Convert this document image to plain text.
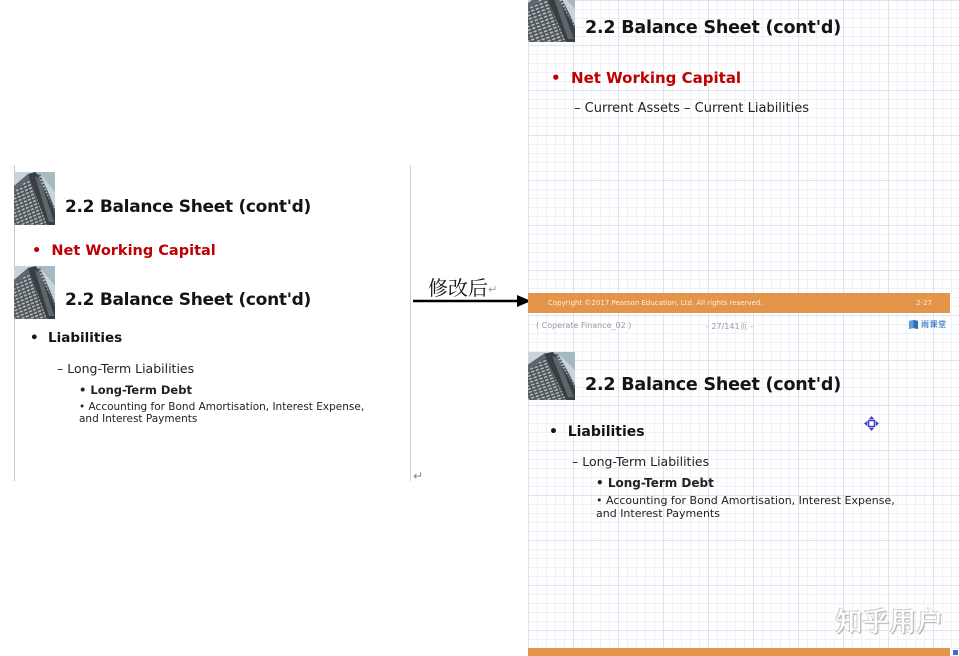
2.2 Balance Sheet (cont'd)
•  Net Working Capital
2.2 Balance Sheet (cont'd)
•  Liabilities
– Long-Term Liabilities
• Long-Term Debt
• Accounting for Bond Amortisation, Interest Expense, and Interest Payments
↵
修改后↵
2.2 Balance Sheet (cont'd)
•  Net Working Capital
– Current Assets – Current Liabilities
Copyright ©2017 Pearson Education, Ltd. All rights reserved.	2-27
( Coperate Finance_02 )	- 27/141页 -	雨课堂
2.2 Balance Sheet (cont'd)
•  Liabilities
– Long-Term Liabilities
• Long-Term Debt
• Accounting for Bond Amortisation, Interest Expense, and Interest Payments
知乎用户
